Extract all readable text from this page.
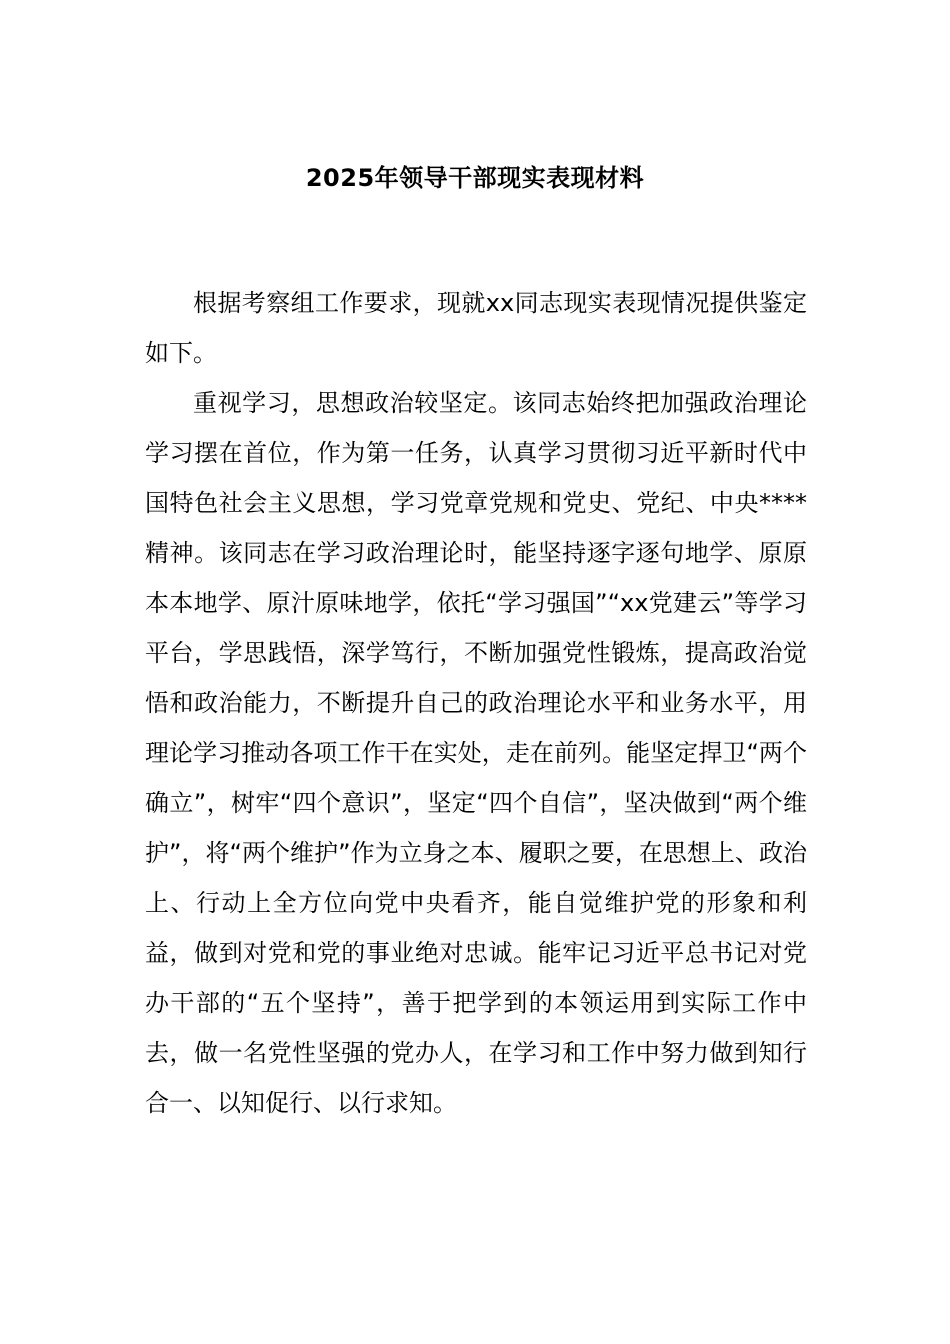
2025年领导干部现实表现材料

根据考察组工作要求，现就xx同志现实表现情况提供鉴定如下。

重视学习，思想政治较坚定。该同志始终把加强政治理论学习摆在首位，作为第一任务，认真学习贯彻习近平新时代中国特色社会主义思想，学习党章党规和党史、党纪、中央****精神。该同志在学习政治理论时，能坚持逐字逐句地学、原原本本地学、原汁原味地学，依托“学习强国”“xx党建云”等学习平台，学思践悟，深学笃行，不断加强党性锻炼，提高政治觉悟和政治能力，不断提升自己的政治理论水平和业务水平，用理论学习推动各项工作干在实处，走在前列。能坚定捍卫“两个确立”，树牢“四个意识”，坚定“四个自信”，坚决做到“两个维护”，将“两个维护”作为立身之本、履职之要，在思想上、政治上、行动上全方位向党中央看齐，能自觉维护党的形象和利益，做到对党和党的事业绝对忠诚。能牢记习近平总书记对党办干部的“五个坚持”，善于把学到的本领运用到实际工作中去，做一名党性坚强的党办人，在学习和工作中努力做到知行合一、以知促行、以行求知。
